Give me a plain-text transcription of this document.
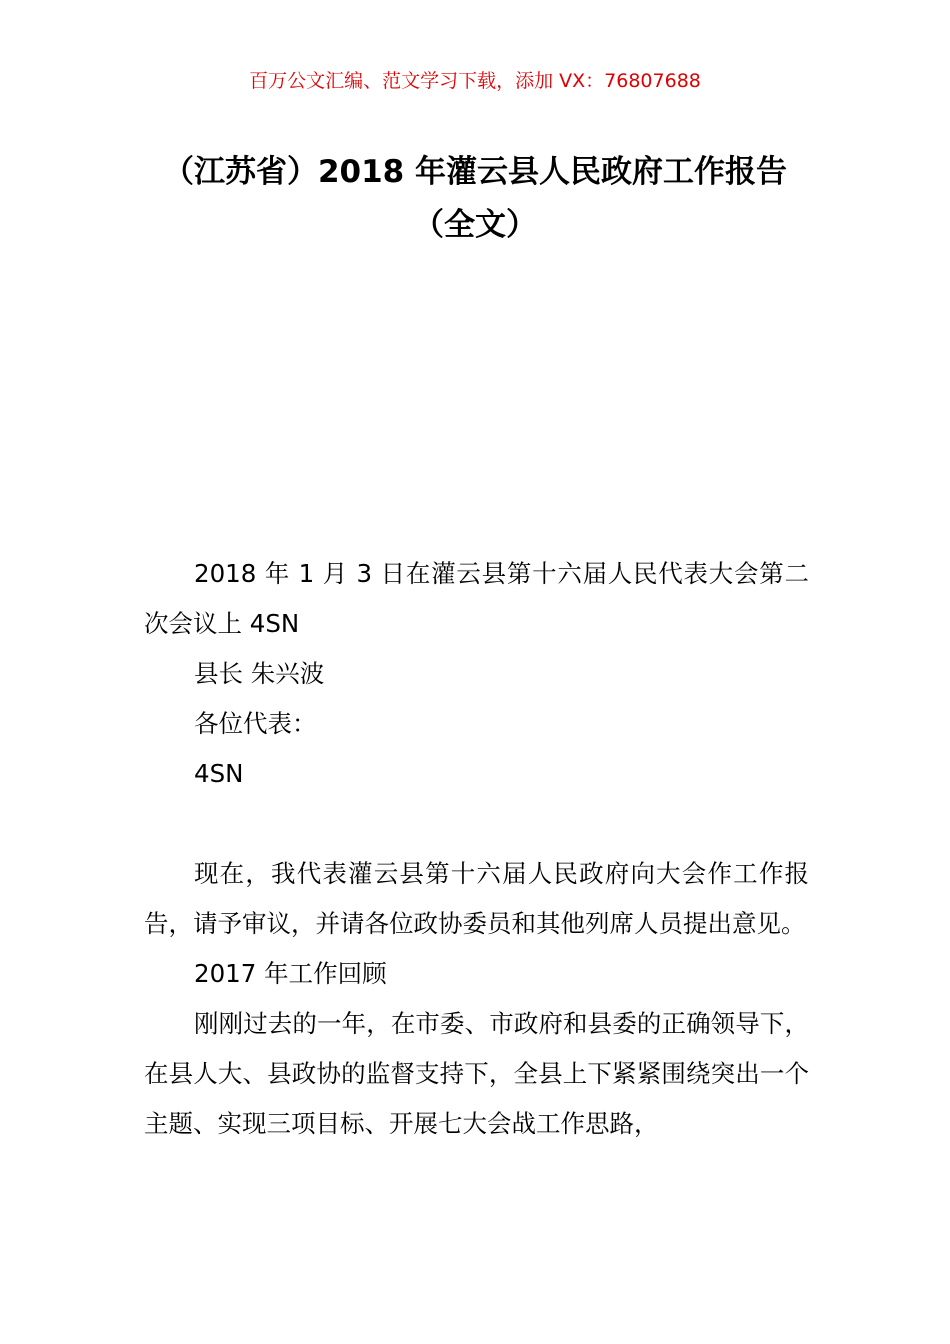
百万公文汇编、范文学习下载，添加 VX：76807688
（江苏省）2018 年灌云县人民政府工作报告（全文）

2018 年 1 月 3 日在灌云县第十六届人民代表大会第二次会议上 4SN

县长 朱兴波

各位代表：

4SN

现在，我代表灌云县第十六届人民政府向大会作工作报告，请予审议，并请各位政协委员和其他列席人员提出意见。

2017 年工作回顾

刚刚过去的一年，在市委、市政府和县委的正确领导下，在县人大、县政协的监督支持下，全县上下紧紧围绕突出一个主题、实现三项目标、开展七大会战工作思路，
